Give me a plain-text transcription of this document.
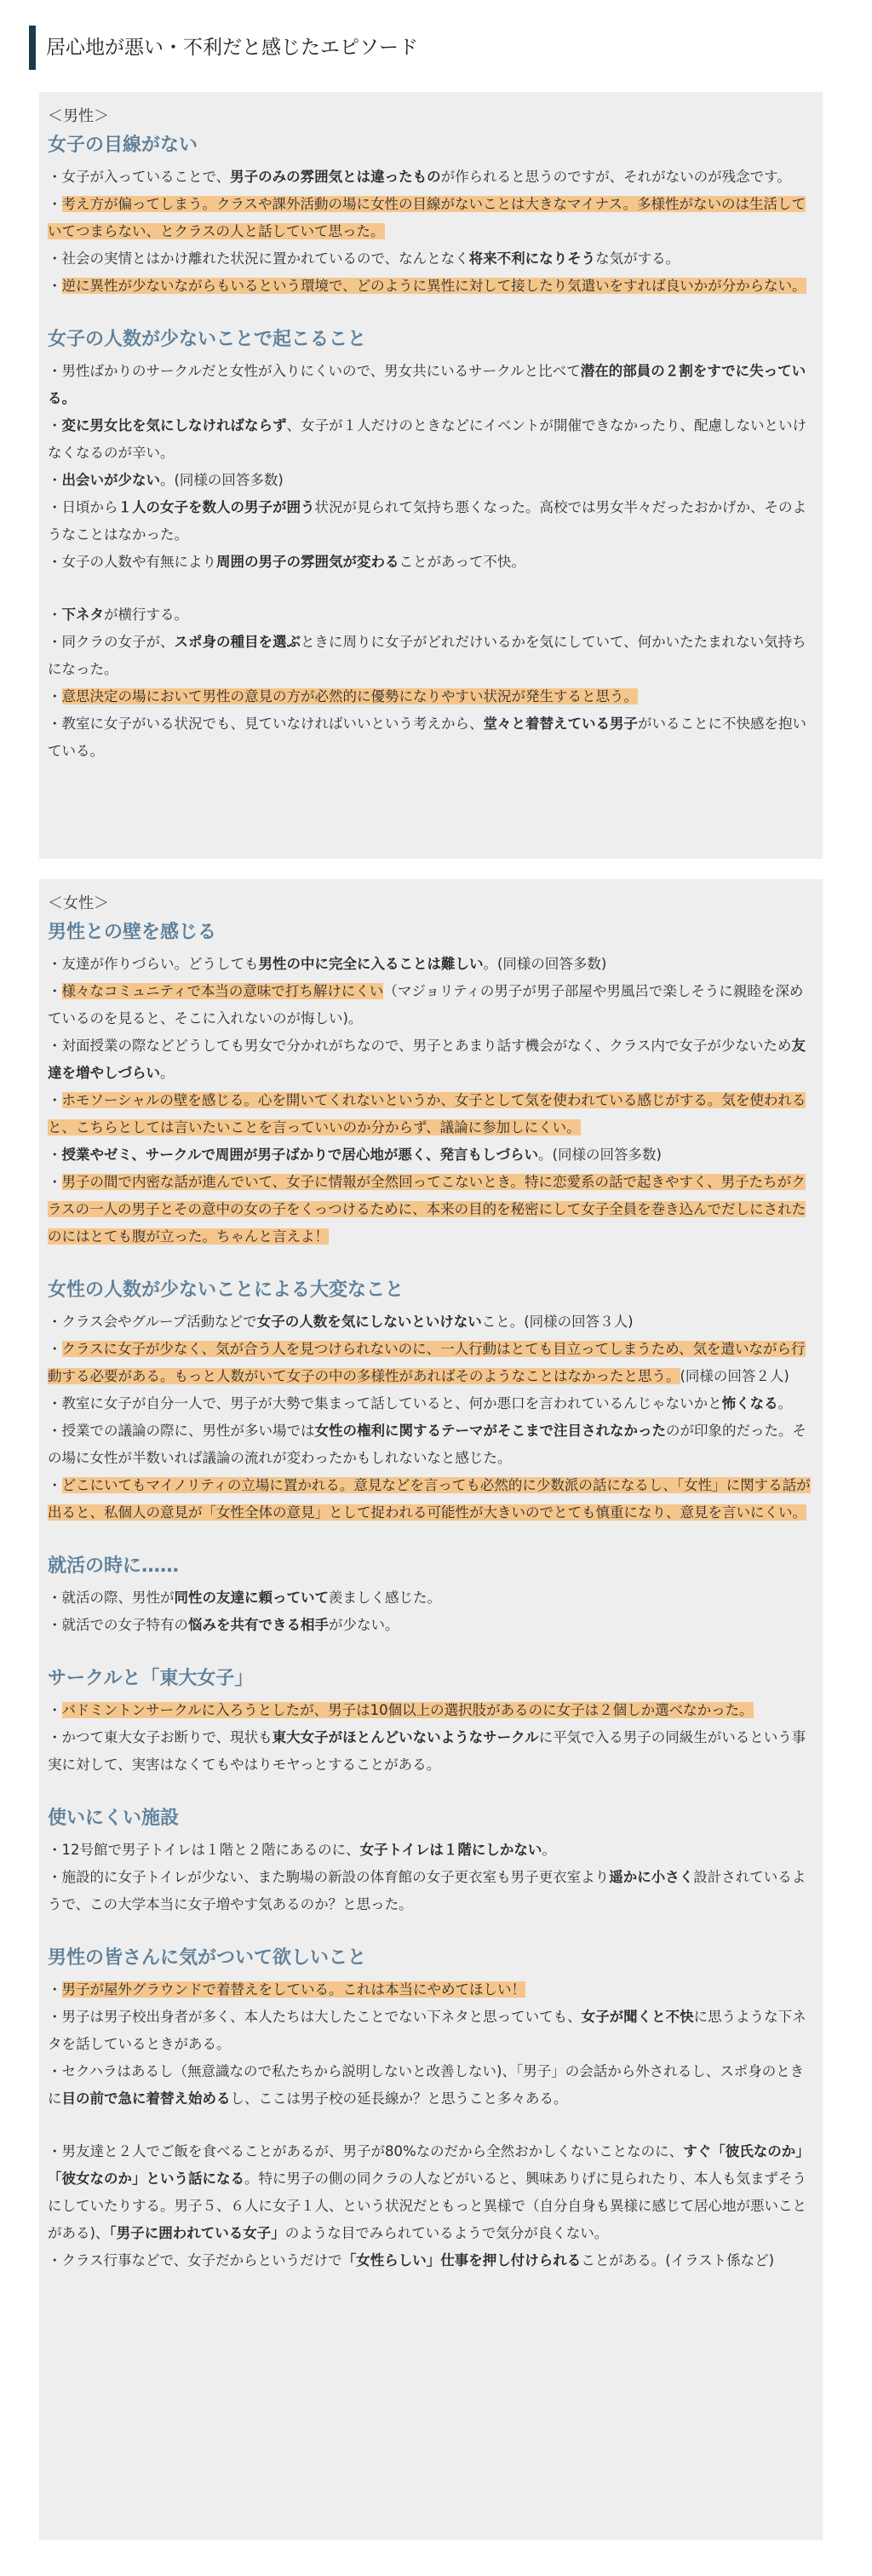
居心地が悪い・不利だと感じたエピソード
＜男性＞
女子の目線がない

・女子が入っていることで、男子のみの雰囲気とは違ったものが作られると思うのですが、それがないのが残念です。

・考え方が偏ってしまう。クラスや課外活動の場に女性の目線がないことは大きなマイナス。多様性がないのは生活していてつまらない、とクラスの人と話していて思った。

・社会の実情とはかけ離れた状況に置かれているので、なんとなく将来不利になりそうな気がする。

・逆に異性が少ないながらもいるという環境で、どのように異性に対して接したり気遣いをすれば良いかが分からない。

女子の人数が少ないことで起こること

・男性ばかりのサークルだと女性が入りにくいので、男女共にいるサークルと比べて潜在的部員の２割をすでに失っている。

・変に男女比を気にしなければならず、女子が１人だけのときなどにイベントが開催できなかったり、配慮しないといけなくなるのが辛い。

・出会いが少ない。(同様の回答多数)

・日頃から１人の女子を数人の男子が囲う状況が見られて気持ち悪くなった。高校では男女半々だったおかげか、そのようなことはなかった。

・女子の人数や有無により周囲の男子の雰囲気が変わることがあって不快。

・下ネタが横行する。

・同クラの女子が、スポ身の種目を選ぶときに周りに女子がどれだけいるかを気にしていて、何かいたたまれない気持ちになった。

・意思決定の場において男性の意見の方が必然的に優勢になりやすい状況が発生すると思う。

・教室に女子がいる状況でも、見ていなければいいという考えから、堂々と着替えている男子がいることに不快感を抱いている。

＜女性＞
男性との壁を感じる

・友達が作りづらい。どうしても男性の中に完全に入ることは難しい。(同様の回答多数)

・様々なコミュニティで本当の意味で打ち解けにくい（マジョリティの男子が男子部屋や男風呂で楽しそうに親睦を深めているのを見ると、そこに入れないのが悔しい)。

・対面授業の際などどうしても男女で分かれがちなので、男子とあまり話す機会がなく、クラス内で女子が少ないため友達を増やしづらい。

・ホモソーシャルの壁を感じる。心を開いてくれないというか、女子として気を使われている感じがする。気を使われると、こちらとしては言いたいことを言っていいのか分からず、議論に参加しにくい。

・授業やゼミ、サークルで周囲が男子ばかりで居心地が悪く、発言もしづらい。(同様の回答多数)

・男子の間で内密な話が進んでいて、女子に情報が全然回ってこないとき。特に恋愛系の話で起きやすく、男子たちがクラスの一人の男子とその意中の女の子をくっつけるために、本来の目的を秘密にして女子全員を巻き込んでだしにされたのにはとても腹が立った。ちゃんと言えよ！

女性の人数が少ないことによる大変なこと

・クラス会やグループ活動などで女子の人数を気にしないといけないこと。(同様の回答３人)

・クラスに女子が少なく、気が合う人を見つけられないのに、一人行動はとても目立ってしまうため、気を遣いながら行動する必要がある。もっと人数がいて女子の中の多様性があればそのようなことはなかったと思う。(同様の回答２人)

・教室に女子が自分一人で、男子が大勢で集まって話していると、何か悪口を言われているんじゃないかと怖くなる。

・授業での議論の際に、男性が多い場では女性の権利に関するテーマがそこまで注目されなかったのが印象的だった。その場に女性が半数いれば議論の流れが変わったかもしれないなと感じた。

・どこにいてもマイノリティの立場に置かれる。意見などを言っても必然的に少数派の話になるし、「女性」に関する話が出ると、私個人の意見が「女性全体の意見」として捉われる可能性が大きいのでとても慎重になり、意見を言いにくい。

就活の時に……

・就活の際、男性が同性の友達に頼っていて羨ましく感じた。

・就活での女子特有の悩みを共有できる相手が少ない。

サークルと「東大女子」

・バドミントンサークルに入ろうとしたが、男子は10個以上の選択肢があるのに女子は２個しか選べなかった。

・かつて東大女子お断りで、現状も東大女子がほとんどいないようなサークルに平気で入る男子の同級生がいるという事実に対して、実害はなくてもやはりモヤっとすることがある。

使いにくい施設

・12号館で男子トイレは１階と２階にあるのに、女子トイレは１階にしかない。

・施設的に女子トイレが少ない、また駒場の新設の体育館の女子更衣室も男子更衣室より遥かに小さく設計されているようで、この大学本当に女子増やす気あるのか？と思った。

男性の皆さんに気がついて欲しいこと

・男子が屋外グラウンドで着替えをしている。これは本当にやめてほしい！

・男子は男子校出身者が多く、本人たちは大したことでない下ネタと思っていても、女子が聞くと不快に思うような下ネタを話しているときがある。

・セクハラはあるし（無意識なので私たちから説明しないと改善しない)、「男子」の会話から外されるし、スポ身のときに目の前で急に着替え始めるし、ここは男子校の延長線か？と思うこと多々ある。

・男友達と２人でご飯を食べることがあるが、男子が80%なのだから全然おかしくないことなのに、すぐ「彼氏なのか」「彼女なのか」という話になる。特に男子の側の同クラの人などがいると、興味ありげに見られたり、本人も気まずそうにしていたりする。男子５、６人に女子１人、という状況だともっと異様で（自分自身も異様に感じて居心地が悪いことがある)、「男子に囲われている女子」のような目でみられているようで気分が良くない。

・クラス行事などで、女子だからというだけで「女性らしい」仕事を押し付けられることがある。(イラスト係など)
